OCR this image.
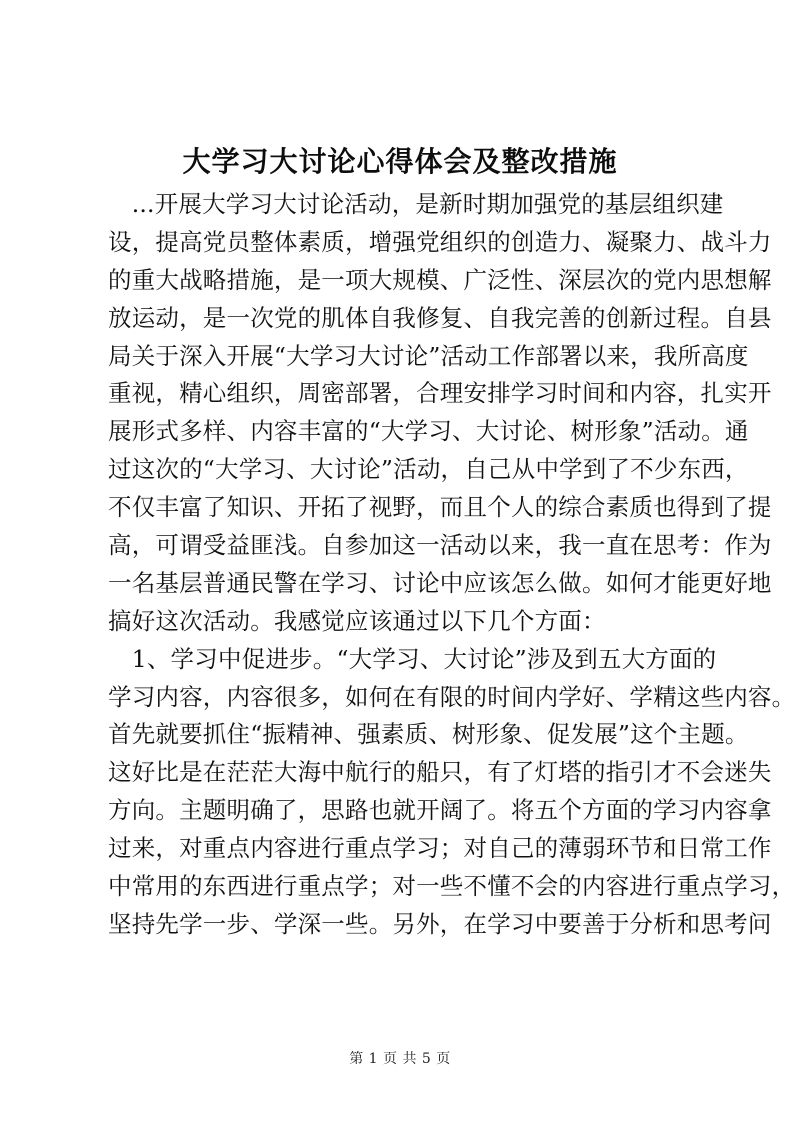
大学习大讨论心得体会及整改措施
　...开展大学习大讨论活动，是新时期加强党的基层组织建
设，提高党员整体素质，增强党组织的创造力、凝聚力、战斗力
的重大战略措施，是一项大规模、广泛性、深层次的党内思想解
放运动，是一次党的肌体自我修复、自我完善的创新过程。自县
局关于深入开展“大学习大讨论”活动工作部署以来，我所高度
重视，精心组织，周密部署，合理安排学习时间和内容，扎实开
展形式多样、内容丰富的“大学习、大讨论、树形象”活动。通
过这次的“大学习、大讨论”活动，自己从中学到了不少东西，
不仅丰富了知识、开拓了视野，而且个人的综合素质也得到了提
高，可谓受益匪浅。自参加这一活动以来，我一直在思考：作为
一名基层普通民警在学习、讨论中应该怎么做。如何才能更好地
搞好这次活动。我感觉应该通过以下几个方面：
　1、学习中促进步。“大学习、大讨论”涉及到五大方面的
学习内容，内容很多，如何在有限的时间内学好、学精这些内容。
首先就要抓住“振精神、强素质、树形象、促发展”这个主题。
这好比是在茫茫大海中航行的船只，有了灯塔的指引才不会迷失
方向。主题明确了，思路也就开阔了。将五个方面的学习内容拿
过来，对重点内容进行重点学习；对自己的薄弱环节和日常工作
中常用的东西进行重点学；对一些不懂不会的内容进行重点学习，
坚持先学一步、学深一些。另外，在学习中要善于分析和思考问
第 1 页 共 5 页
